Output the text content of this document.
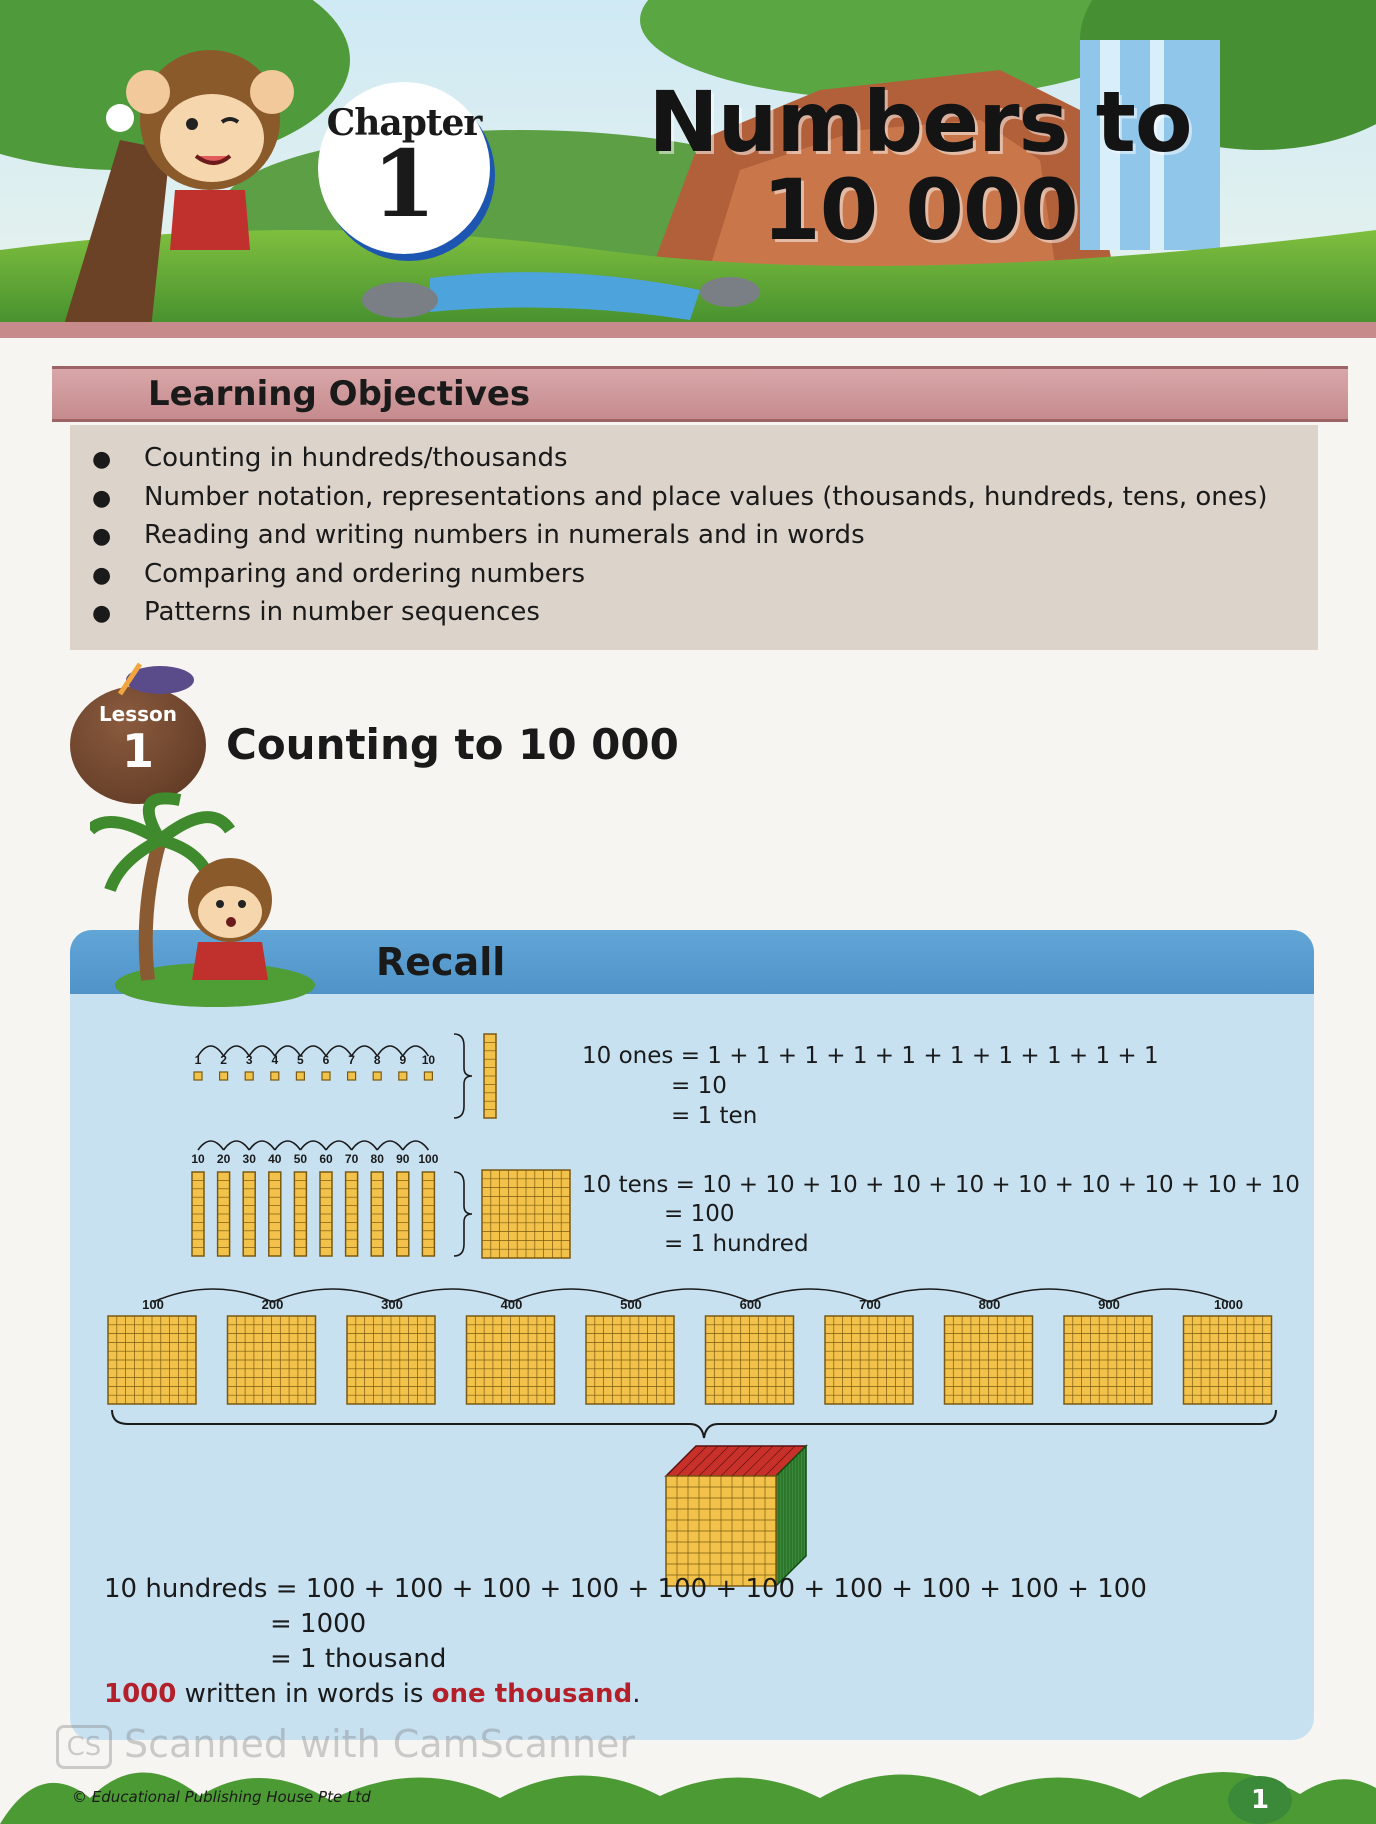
Chapter
1
Numbers to
10 000
Learning Objectives
● Counting in hundreds/thousands
● Number notation, representations and place values (thousands, hundreds, tens, ones)
● Reading and writing numbers in numerals and in words
● Comparing and ordering numbers
● Patterns in number sequences
Lesson
1	Counting to 10 000
Recall
1 2 3 4 5 6 7 8 9 10
10 20 30 40 50 60 70 80 90 100
100	200	300	400	500	600	700	800	900	1000
10 ones = 1 + 1 + 1 + 1 + 1 + 1 + 1 + 1 + 1 + 1
= 10
= 1 ten
10 tens = 10 + 10 + 10 + 10 + 10 + 10 + 10 + 10 + 10 + 10
= 100
= 1 hundred
10 hundreds = 100 + 100 + 100 + 100 + 100 + 100 + 100 + 100 + 100 + 100
= 1000
= 1 thousand
1000 written in words is one thousand.
CS Scanned with CamScanner
© Educational Publishing House Pte Ltd	1
